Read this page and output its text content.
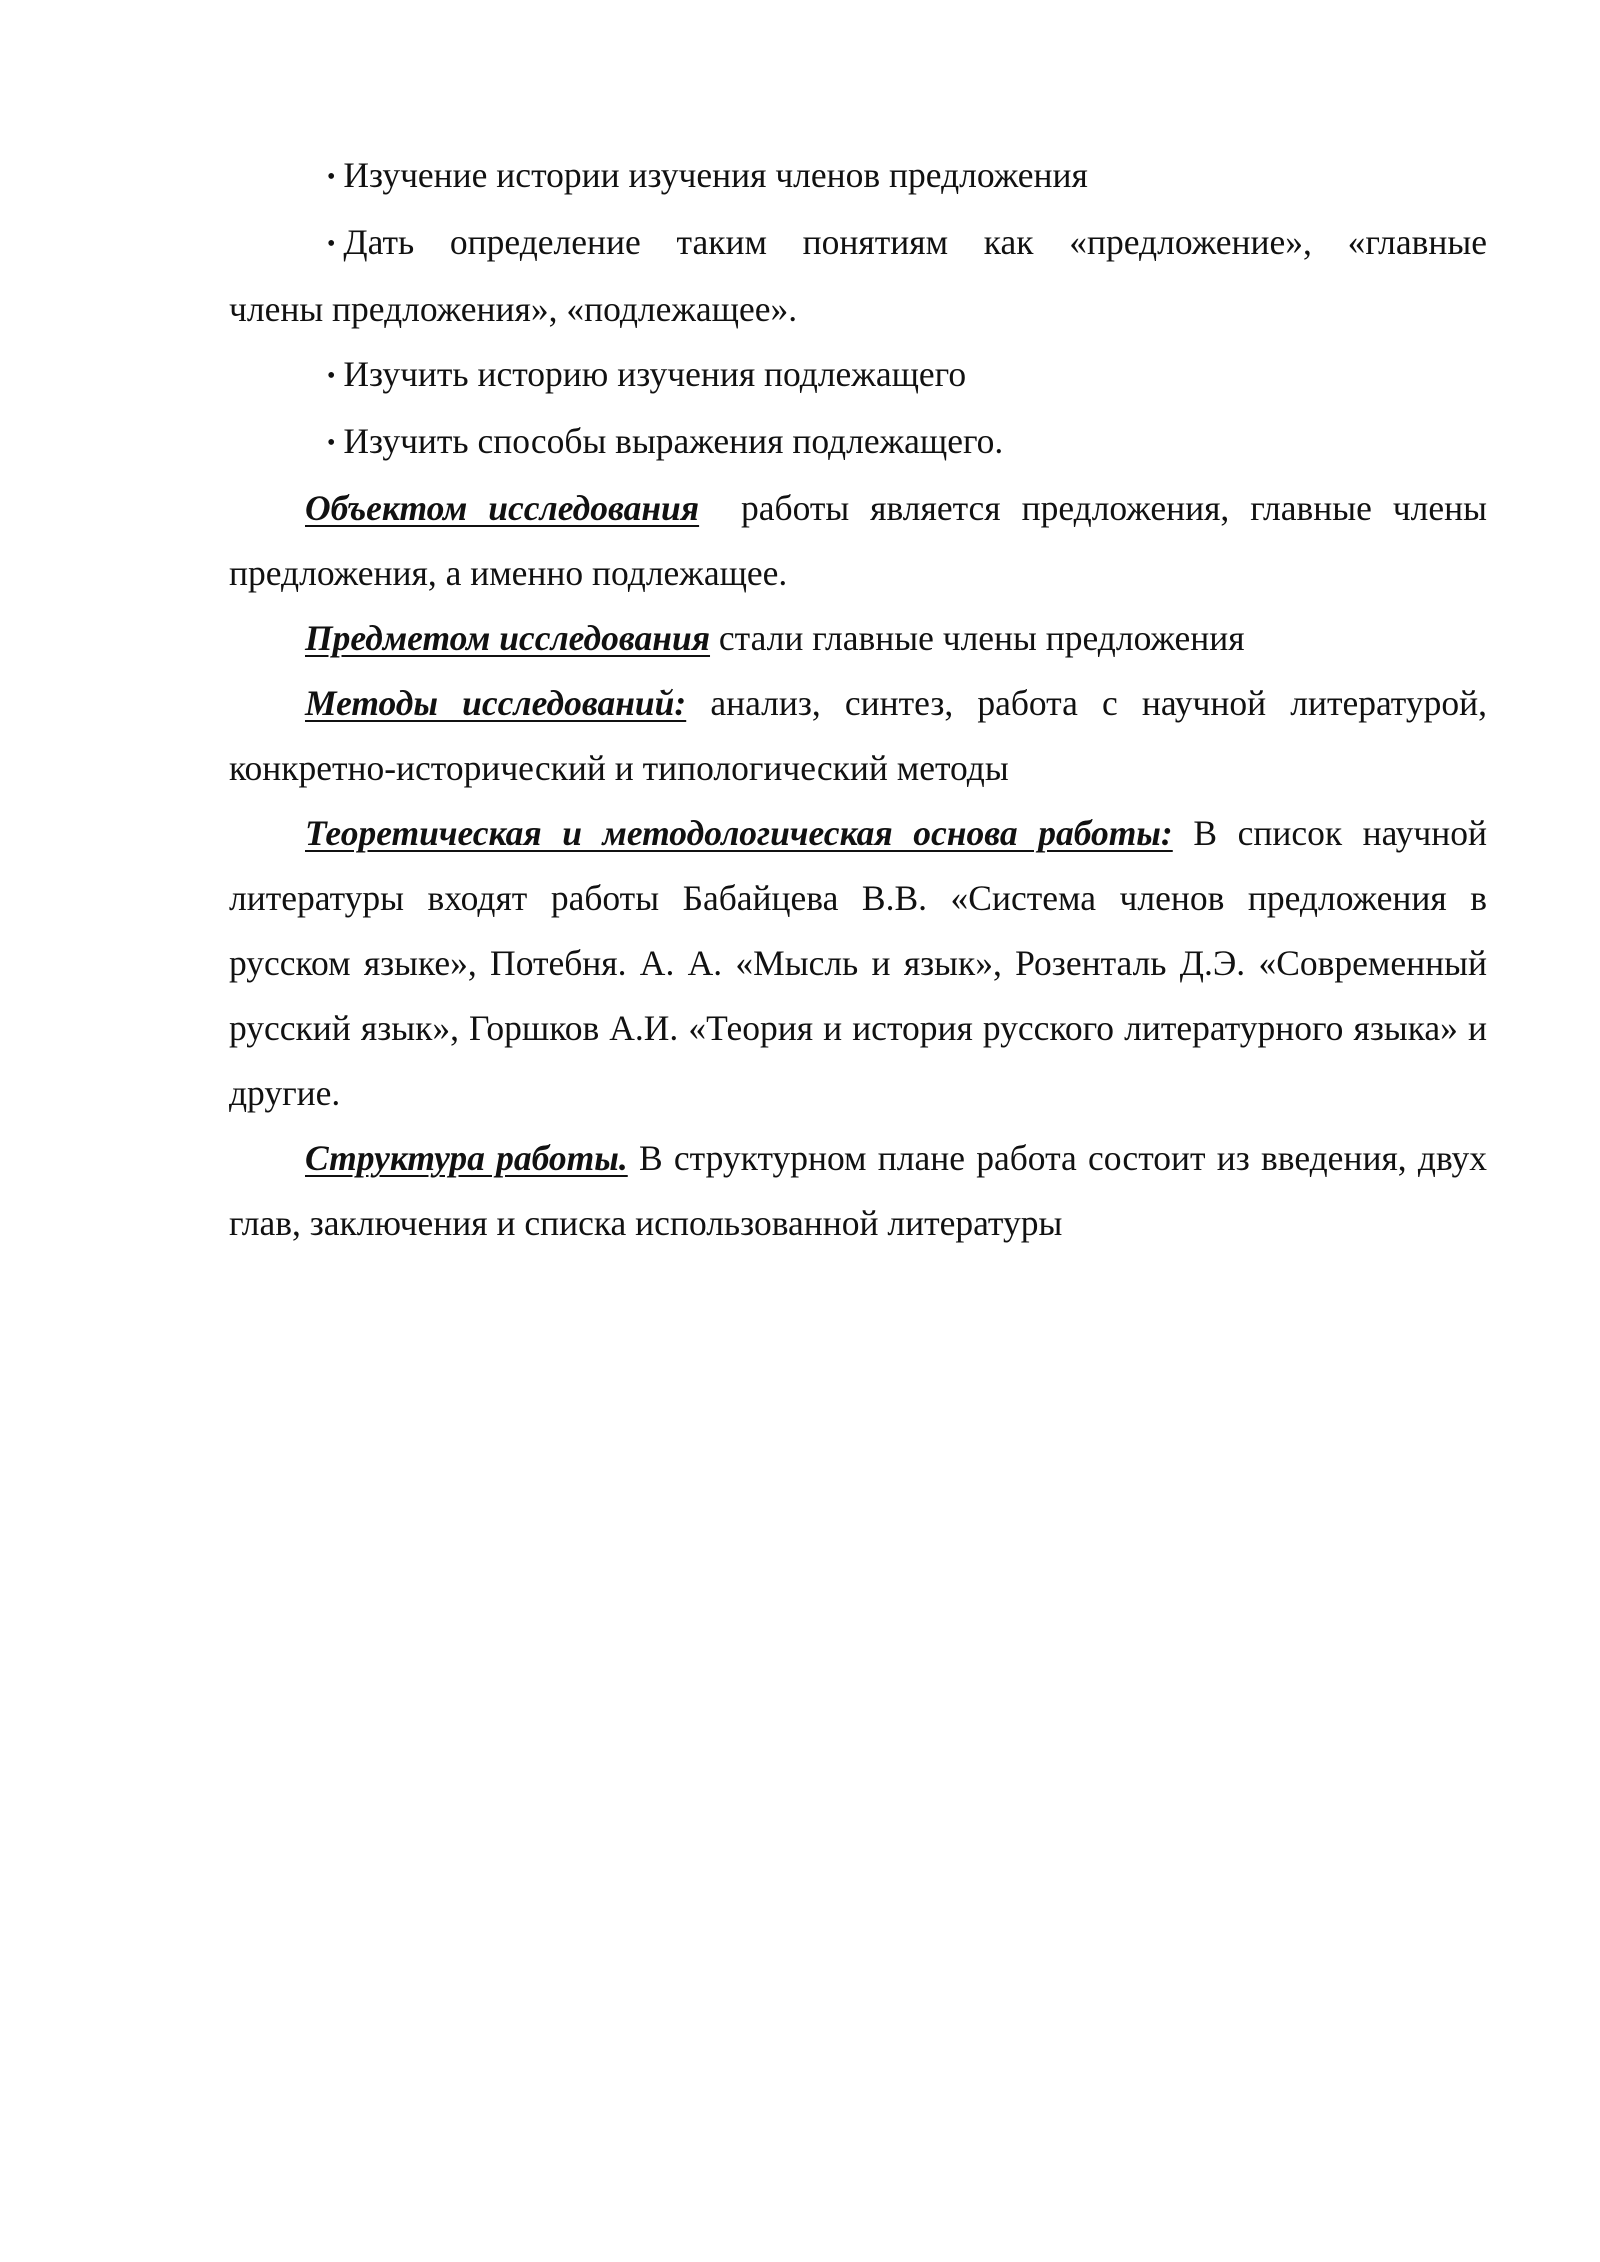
• Изучение истории изучения членов предложения
• Дать определение таким понятиям как «предложение», «главные
члены предложения», «подлежащее».
• Изучить историю изучения подлежащего
• Изучить способы выражения подлежащего.

Объектом исследования  работы является предложения, главные члены предложения, а именно подлежащее.

Предметом исследования стали главные члены предложения

Методы исследований: анализ, синтез, работа с научной литературой, конкретно-исторический и типологический методы

Теоретическая и методологическая основа работы: В список научной литературы входят работы Бабайцева В.В. «Система членов предложения в русском языке», Потебня. А. А. «Мысль и язык», Розенталь Д.Э. «Современный русский язык», Горшков А.И. «Теория и история русского литературного языка» и другие.

Структура работы. В структурном плане работа состоит из введения, двух глав, заключения и списка использованной литературы
